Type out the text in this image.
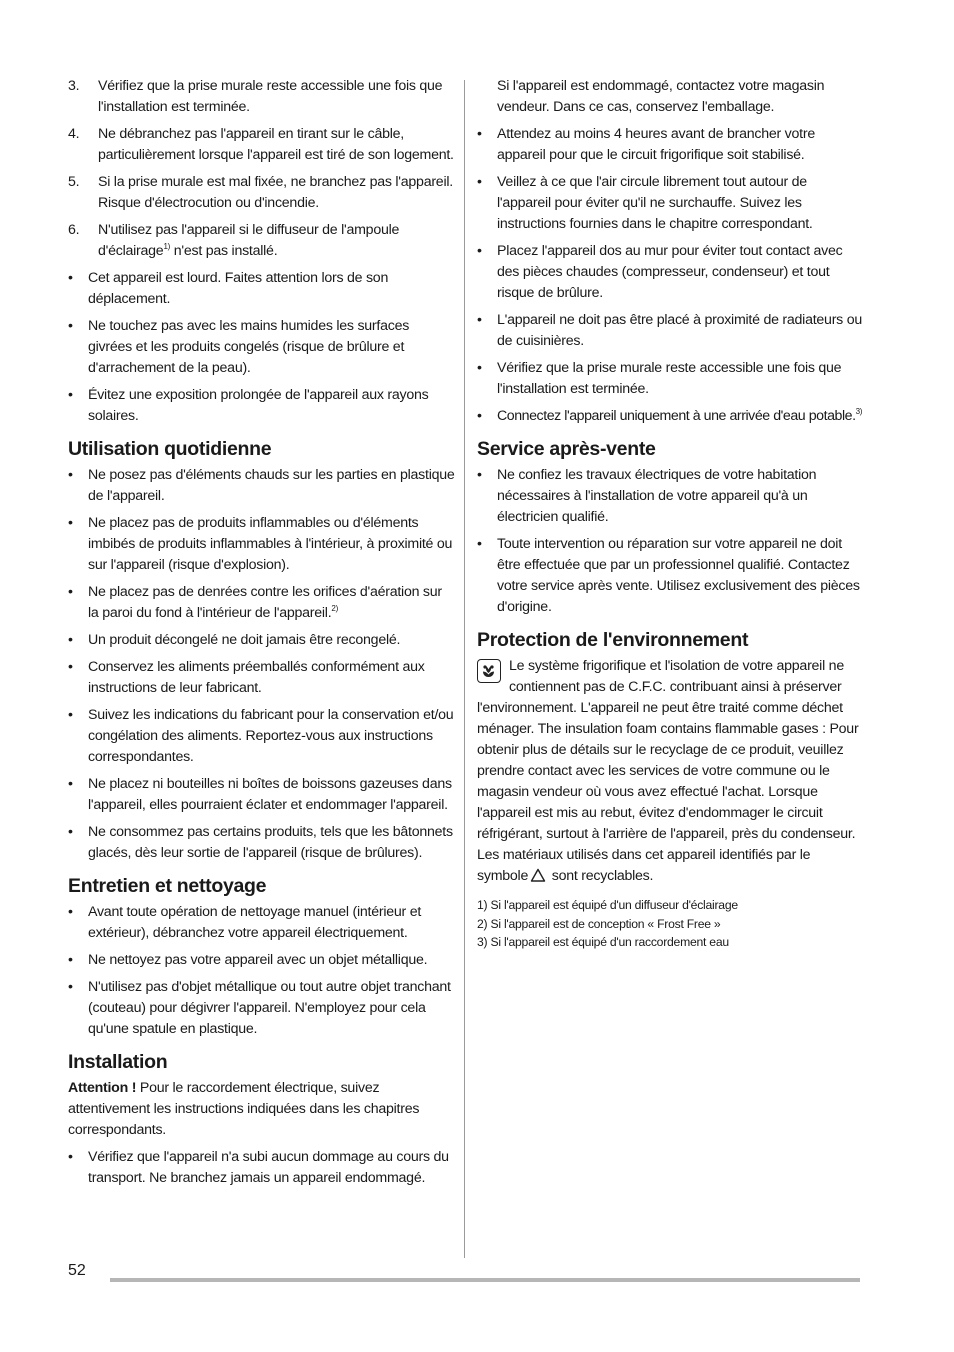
3.	Vérifiez que la prise murale reste accessible une fois que l'installation est terminée.
4.	Ne débranchez pas l'appareil en tirant sur le câble, particulièrement lorsque l'appareil est tiré de son logement.
5.	Si la prise murale est mal fixée, ne branchez pas l'appareil. Risque d'électrocution ou d'incendie.
6.	N'utilisez pas l'appareil si le diffuseur de l'ampoule d'éclairage$^{1)}$ n'est pas installé.
•	Cet appareil est lourd. Faites attention lors de son déplacement.
•	Ne touchez pas avec les mains humides les surfaces givrées et les produits congelés (risque de brûlure et d'arrachement de la peau).
•	Évitez une exposition prolongée de l'appareil aux rayons solaires.
Utilisation quotidienne
•	Ne posez pas d'éléments chauds sur les parties en plastique de l'appareil.
•	Ne placez pas de produits inflammables ou d'éléments imbibés de produits inflammables à l'intérieur, à proximité ou sur l'appareil (risque d'explosion).
•	Ne placez pas de denrées contre les orifices d'aération sur la paroi du fond à l'intérieur de l'appareil.$^{2)}$
•	Un produit décongelé ne doit jamais être recongelé.
•	Conservez les aliments préemballés conformément aux instructions de leur fabricant.
•	Suivez les indications du fabricant pour la conservation et/ou congélation des aliments. Reportez-vous aux instructions correspondantes.
•	Ne placez ni bouteilles ni boîtes de boissons gazeuses dans l'appareil, elles pourraient éclater et endommager l'appareil.
•	Ne consommez pas certains produits, tels que les bâtonnets glacés, dès leur sortie de l'appareil (risque de brûlures).
Entretien et nettoyage
•	Avant toute opération de nettoyage manuel (intérieur et extérieur), débranchez votre appareil électriquement.
•	Ne nettoyez pas votre appareil avec un objet métallique.
•	N'utilisez pas d'objet métallique ou tout autre objet tranchant (couteau) pour dégivrer l'appareil. N'employez pour cela qu'une spatule en plastique.
Installation

Attention ! Pour le raccordement électrique, suivez attentivement les instructions indiquées dans les chapitres correspondants.

•	Vérifiez que l'appareil n'a subi aucun dommage au cours du transport. Ne branchez jamais un appareil endommagé.
Si l'appareil est endommagé, contactez votre magasin vendeur. Dans ce cas, conservez l'emballage.
•	Attendez au moins 4 heures avant de brancher votre appareil pour que le circuit frigorifique soit stabilisé.
•	Veillez à ce que l'air circule librement tout autour de l'appareil pour éviter qu'il ne surchauffe. Suivez les instructions fournies dans le chapitre correspondant.
•	Placez l'appareil dos au mur pour éviter tout contact avec des pièces chaudes (compresseur, condenseur) et tout risque de brûlure.
•	L'appareil ne doit pas être placé à proximité de radiateurs ou de cuisinières.
•	Vérifiez que la prise murale reste accessible une fois que l'installation est terminée.
•	Connectez l'appareil uniquement à une arrivée d'eau potable.$^{3)}$
Service après-vente
•	Ne confiez les travaux électriques de votre habitation nécessaires à l'installation de votre appareil qu'à un électricien qualifié.
•	Toute intervention ou réparation sur votre appareil ne doit être effectuée que par un professionnel qualifié. Contactez votre service après vente. Utilisez exclusivement des pièces d'origine.
Protection de l'environnement

Le système frigorifique et l'isolation de votre appareil ne contiennent pas de C.F.C. contribuant ainsi à préserver l'environnement. L'appareil ne peut être traité comme déchet ménager. The insulation foam contains flammable gases : Pour obtenir plus de détails sur le recyclage de ce produit, veuillez prendre contact avec les services de votre commune ou le magasin vendeur où vous avez effectué l'achat. Lorsque l'appareil est mis au rebut, évitez d'endommager le circuit réfrigérant, surtout à l'arrière de l'appareil, près du condenseur. Les matériaux utilisés dans cet appareil identifiés par le symbole sont recyclables.

1) Si l'appareil est équipé d'un diffuseur d'éclairage
2) Si l'appareil est de conception « Frost Free »
3) Si l'appareil est équipé d'un raccordement eau
52
